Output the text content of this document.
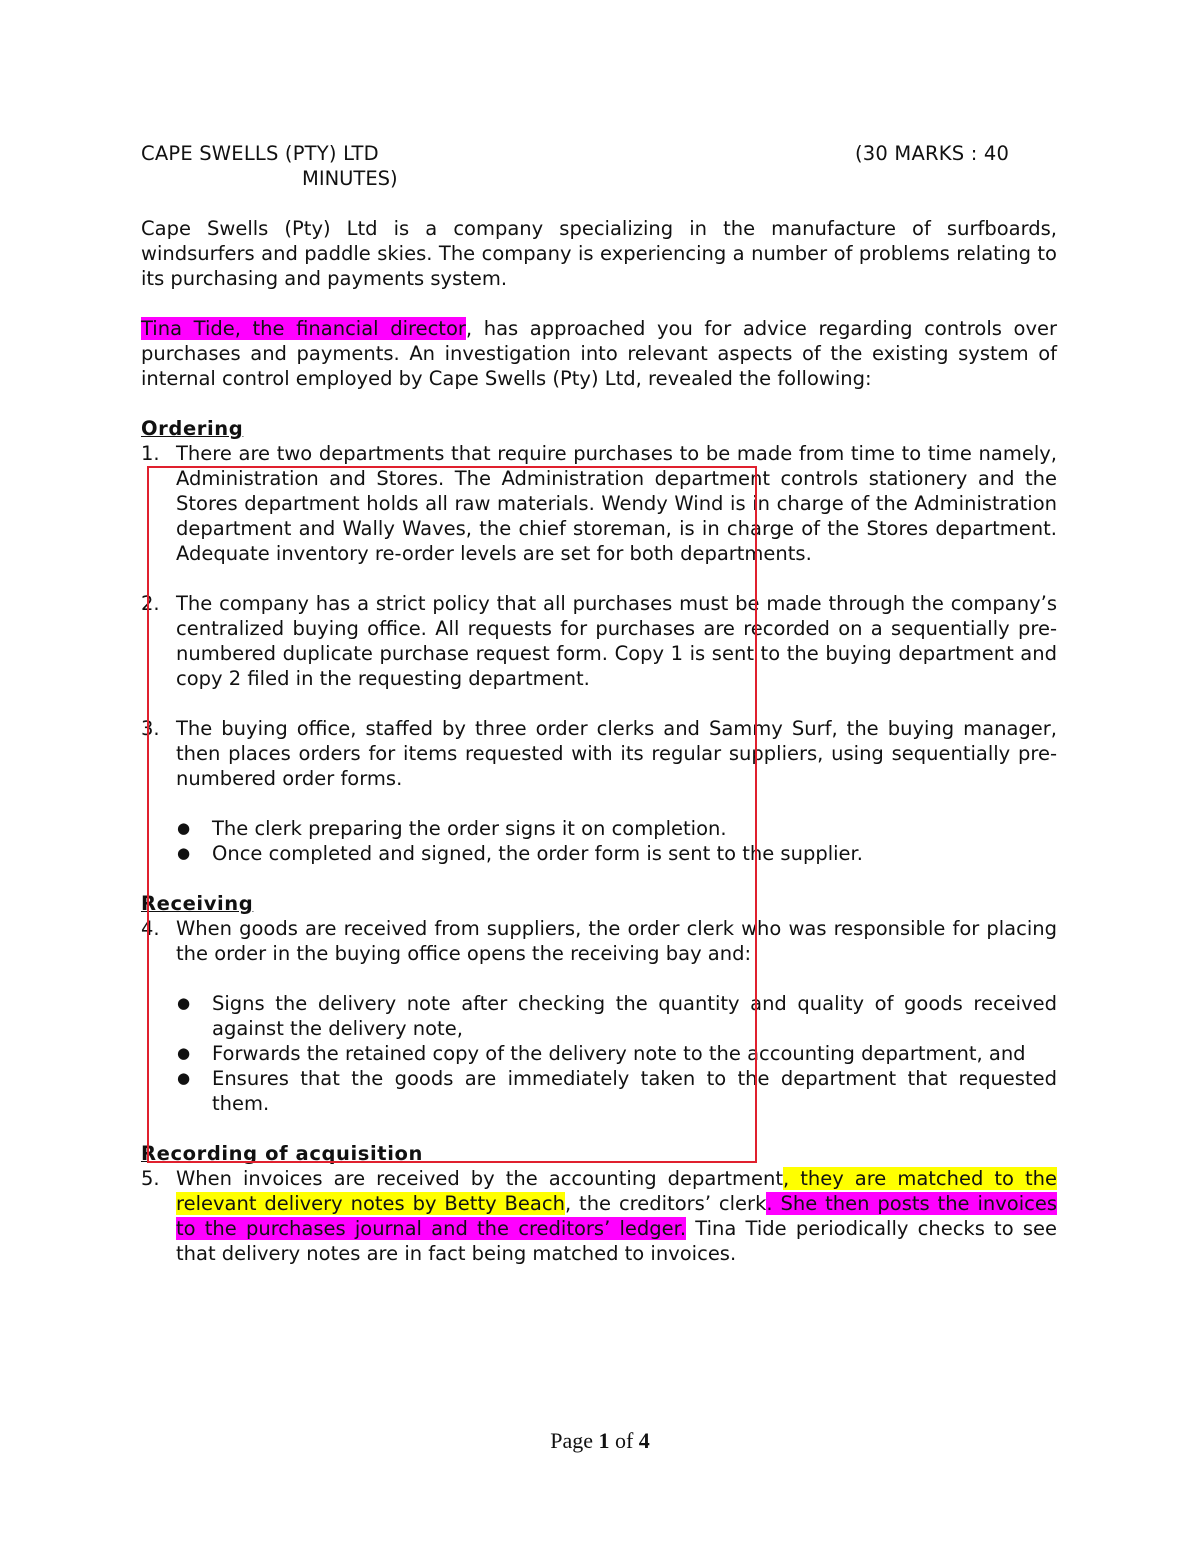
CAPE SWELLS (PTY) LTD	(30 MARKS : 40
MINUTES)

Cape Swells (Pty) Ltd is a company specializing in the manufacture of surfboards, windsurfers and paddle skies. The company is experiencing a number of problems relating to its purchasing and payments system.

Tina Tide, the financial director, has approached you for advice regarding controls over purchases and payments. An investigation into relevant aspects of the existing system of internal control employed by Cape Swells (Pty) Ltd, revealed the following:

Ordering
1. There are two departments that require purchases to be made from time to time namely, Administration and Stores. The Administration department controls stationery and the Stores department holds all raw materials. Wendy Wind is in charge of the Administration department and Wally Waves, the chief storeman, is in charge of the Stores department. Adequate inventory re-order levels are set for both departments.
2. The company has a strict policy that all purchases must be made through the company’s centralized buying office. All requests for purchases are recorded on a sequentially pre-numbered duplicate purchase request form. Copy 1 is sent to the buying department and copy 2 filed in the requesting department.
3. The buying office, staffed by three order clerks and Sammy Surf, the buying manager, then places orders for items requested with its regular suppliers, using sequentially pre-numbered order forms.
●	The clerk preparing the order signs it on completion.
●	Once completed and signed, the order form is sent to the supplier.
Receiving
4. When goods are received from suppliers, the order clerk who was responsible for placing the order in the buying office opens the receiving bay and:
●	Signs the delivery note after checking the quantity and quality of goods received against the delivery note,
●	Forwards the retained copy of the delivery note to the accounting department, and
●	Ensures that the goods are immediately taken to the department that requested them.
Recording of acquisition
5. When invoices are received by the accounting department, they are matched to the relevant delivery notes by Betty Beach, the creditors’ clerk. She then posts the invoices to the purchases journal and the creditors’ ledger. Tina Tide periodically checks to see that delivery notes are in fact being matched to invoices.
Page 1 of 4
